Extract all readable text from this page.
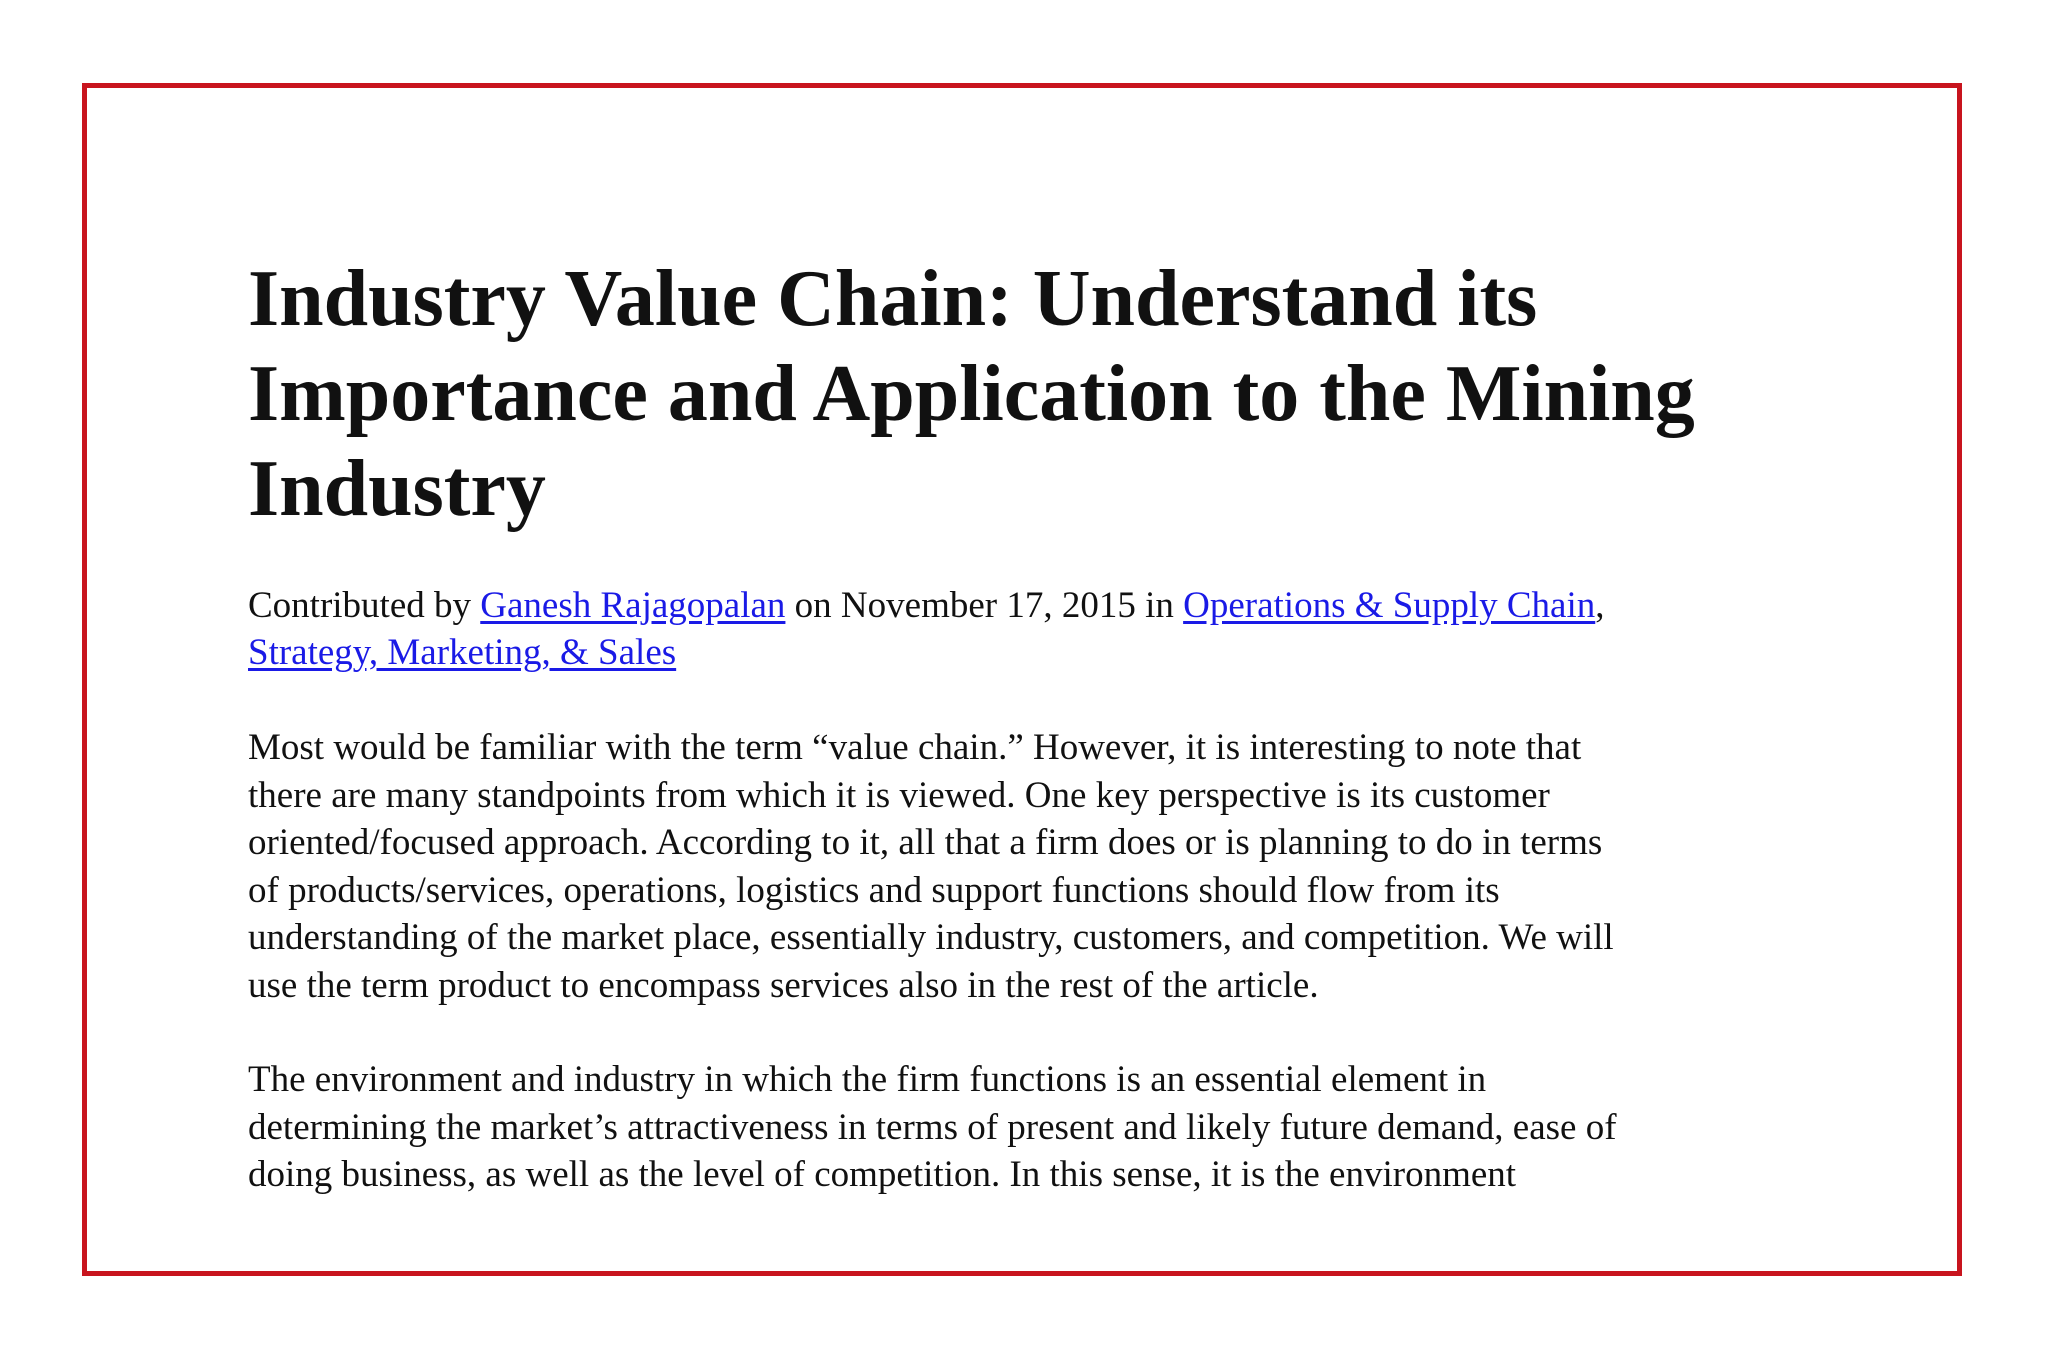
Industry Value Chain: Understand its
Importance and Application to the Mining
Industry

Contributed by Ganesh Rajagopalan on November 17, 2015 in Operations & Supply Chain,
Strategy, Marketing, & Sales

Most would be familiar with the term “value chain.” However, it is interesting to note that
there are many standpoints from which it is viewed. One key perspective is its customer
oriented/focused approach. According to it, all that a firm does or is planning to do in terms
of products/services, operations, logistics and support functions should flow from its
understanding of the market place, essentially industry, customers, and competition. We will
use the term product to encompass services also in the rest of the article.

The environment and industry in which the firm functions is an essential element in
determining the market’s attractiveness in terms of present and likely future demand, ease of
doing business, as well as the level of competition. In this sense, it is the environment
